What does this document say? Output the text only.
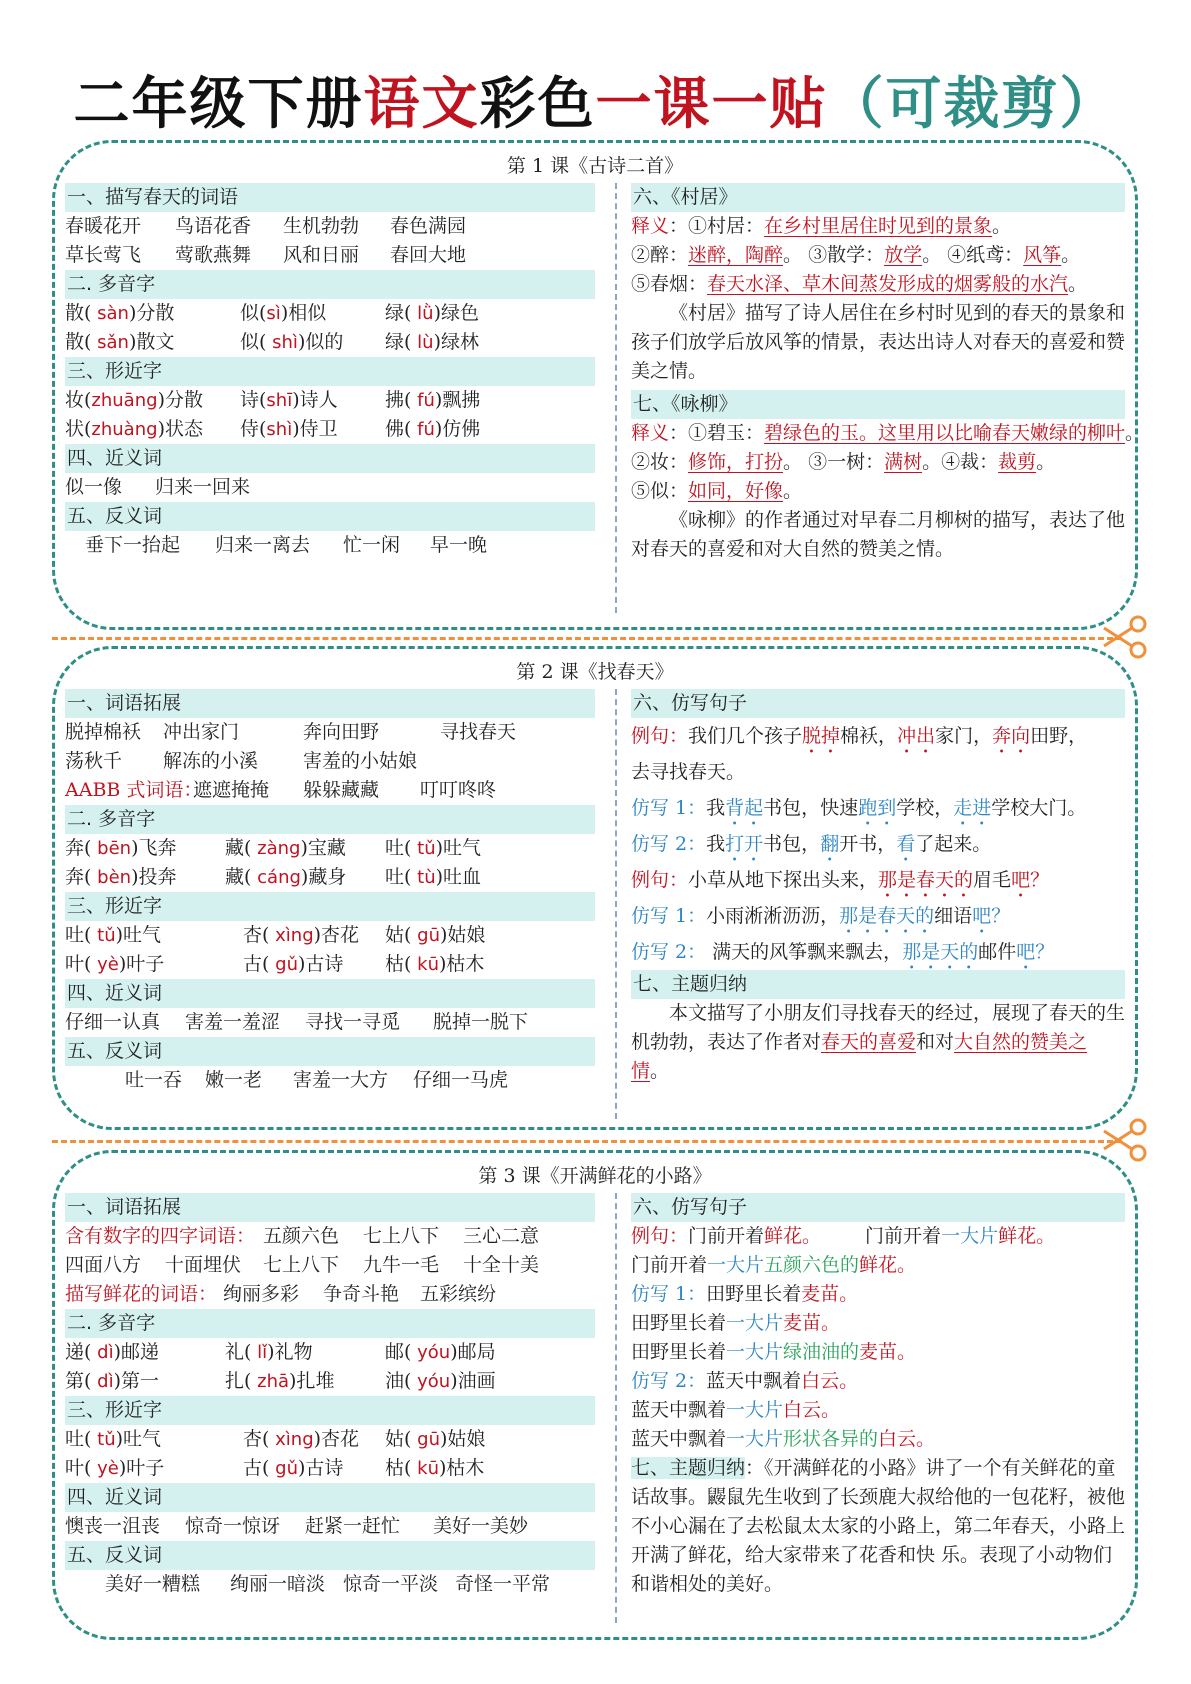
二年级下册语文彩色一课一贴（可裁剪）
第 1 课《古诗二首》
一、描写春天的词语
春暖花开 鸟语花香 生机勃勃 春色满园
草长莺飞 莺歌燕舞 风和日丽 春回大地
二. 多音字
散( sàn)分散	似(sì)相似	绿( lǜ)绿色
散( sǎn)散文	似( shì)似的 绿( lù)绿林
三、形近字
妆(zhuāng)分散 诗(shī)诗人 拂( fú)飘拂
状(zhuàng)状态 侍(shì)侍卫 佛( fú)仿佛
四、近义词
似一像 归来一回来
五、反义词
垂下一抬起 归来一离去 忙一闲 早一晚
六、《村居》
释义：①村居：在乡村里居住时见到的景象。
②醉：迷醉，陶醉。 ③散学：放学。 ④纸鸢：风筝。
⑤春烟：春天水泽、草木间蒸发形成的烟雾般的水汽。
《村居》描写了诗人居住在乡村时见到的春天的景象和孩子们放学后放风筝的情景，表达出诗人对春天的喜爱和赞美之情。
七、《咏柳》
释义：①碧玉：碧绿色的玉。这里用以比喻春天嫩绿的柳叶。
②妆：修饰，打扮。 ③一树：满树。④裁：裁剪。
⑤似：如同，好像。
《咏柳》的作者通过对早春二月柳树的描写，表达了他对春天的喜爱和对大自然的赞美之情。
第 2 课《找春天》
一、词语拓展
脱掉棉袄 冲出家门	奔向田野	寻找春天
荡秋千 解冻的小溪 害羞的小姑娘
AABB 式词语：
遮遮掩掩 躲躲藏藏 叮叮咚咚
二. 多音字
奔( bēn)飞奔	藏( zàng)宝藏 吐( tǔ)吐气
奔( bèn)投奔	藏( cáng)藏身 吐( tù)吐血
三、形近字
吐( tǔ)吐气	杏( xìng)杏花 姑( gū)姑娘
叶( yè)叶子	古( gǔ)古诗 枯( kū)枯木
四、近义词
仔细一认真 害羞一羞涩 寻找一寻觅 脱掉一脱下
五、反义词
吐一吞 嫩一老 害羞一大方 仔细一马虎
六、仿写句子
例句：我们几个孩子脱掉棉袄，冲出家门，奔向田野，
去寻找春天。
仿写 1：我背起书包，快速跑到学校，走进学校大门。
仿写 2：我打开书包，翻开书，看了起来。
例句：小草从地下探出头来，那是春天的眉毛吧？
仿写 1：小雨淅淅沥沥，那是春天的细语吧？
仿写 2： 满天的风筝飘来飘去，那是天的邮件吧？
七、主题归纳
本文描写了小朋友们寻找春天的经过，展现了春天的生机勃勃，表达了作者对春天的喜爱和对大自然的赞美之情。
第 3 课《开满鲜花的小路》
一、词语拓展
含有数字的四字词语： 五颜六色 七上八下 三心二意
四面八方 十面埋伏 七上八下 九牛一毛 十全十美
描写鲜花的词语： 绚丽多彩 争奇斗艳 五彩缤纷
二. 多音字
递( dì)邮递	礼( lǐ)礼物	邮( yóu)邮局
第( dì)第一	扎( zhā)扎堆	油( yóu)油画
三、形近字
吐( tǔ)吐气	杏( xìng)杏花 姑( gū)姑娘
叶( yè)叶子	古( gǔ)古诗 枯( kū)枯木
四、近义词
懊丧一沮丧 惊奇一惊讶 赶紧一赶忙 美好一美妙
五、反义词
美好一糟糕 绚丽一暗淡 惊奇一平淡 奇怪一平常
六、仿写句子
例句：门前开着鲜花。 门前开着一大片鲜花。
门前开着一大片五颜六色的鲜花。
仿写 1：田野里长着麦苗。
田野里长着一大片麦苗。
田野里长着一大片绿油油的麦苗。
仿写 2：蓝天中飘着白云。
蓝天中飘着一大片白云。
蓝天中飘着一大片形状各异的白云。
七、主题归纳：《开满鲜花的小路》讲了一个有关鲜花的童话故事。鼹鼠先生收到了长颈鹿大叔给他的一包花籽，被他不小心漏在了去松鼠太太家的小路上，第二年春天，小路上开满了鲜花，给大家带来了花香和快 乐。表现了小动物们和谐相处的美好。
